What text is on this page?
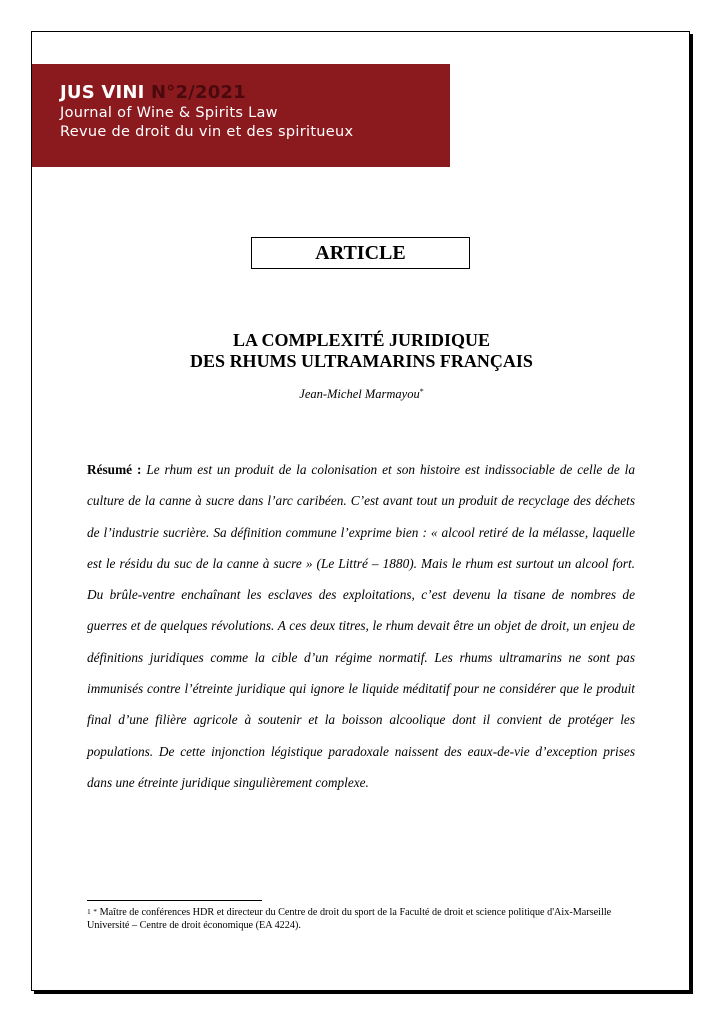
JUS VINI N°2/2021
Journal of Wine & Spirits Law
Revue de droit du vin et des spiritueux
ARTICLE
LA COMPLEXITÉ JURIDIQUE
DES RHUMS ULTRAMARINS FRANÇAIS
Jean-Michel Marmayou*

Résumé : Le rhum est un produit de la colonisation et son histoire est indissociable de celle de la culture de la canne à sucre dans l’arc caribéen. C’est avant tout un produit de recyclage des déchets de l’industrie sucrière. Sa définition commune l’exprime bien : « alcool retiré de la mélasse, laquelle est le résidu du suc de la canne à sucre » (Le Littré – 1880). Mais le rhum est surtout un alcool fort. Du brûle-ventre enchaînant les esclaves des exploitations, c’est devenu la tisane de nombres de guerres et de quelques révolutions. A ces deux titres, le rhum devait être un objet de droit, un enjeu de définitions juridiques comme la cible d’un régime normatif. Les rhums ultramarins ne sont pas immunisés contre l’étreinte juridique qui ignore le liquide méditatif pour ne considérer que le produit final d’une filière agricole à soutenir et la boisson alcoolique dont il convient de protéger les populations. De cette injonction légistique paradoxale naissent des eaux-de-vie d’exception prises dans une étreinte juridique singulièrement complexe.

$^1$ * Maître de conférences HDR et directeur du Centre de droit du sport de la Faculté de droit et science politique d'Aix-Marseille Université – Centre de droit économique (EA 4224).
